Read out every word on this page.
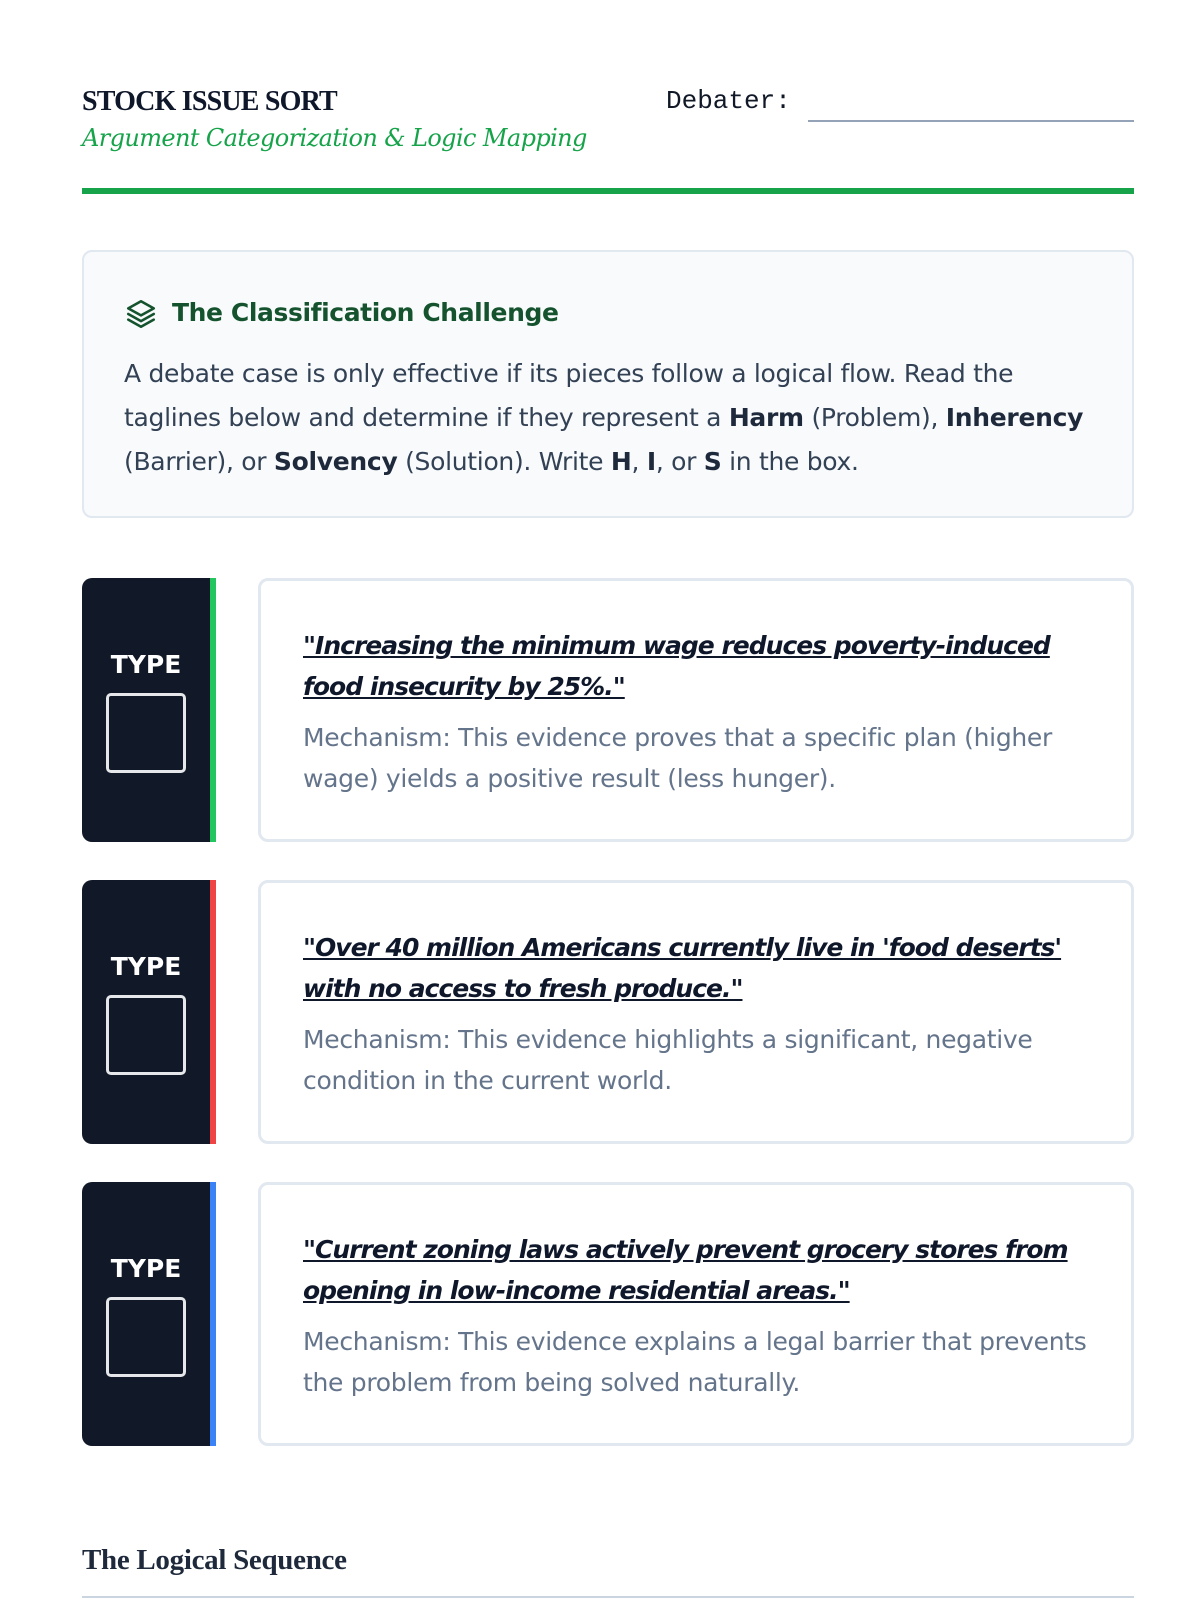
STOCK ISSUE SORT
Argument Categorization & Logic Mapping
Debater:
The Classification Challenge
A debate case is only effective if its pieces follow a logical flow. Read the taglines below and determine if they represent a Harm (Problem), Inherency (Barrier), or Solvency (Solution). Write H, I, or S in the box.
TYPE
"Increasing the minimum wage reduces poverty-induced food insecurity by 25%."
Mechanism: This evidence proves that a specific plan (higher wage) yields a positive result (less hunger).
TYPE
"Over 40 million Americans currently live in 'food deserts' with no access to fresh produce."
Mechanism: This evidence highlights a significant, negative condition in the current world.
TYPE
"Current zoning laws actively prevent grocery stores from opening in low-income residential areas."
Mechanism: This evidence explains a legal barrier that prevents the problem from being solved naturally.
The Logical Sequence
